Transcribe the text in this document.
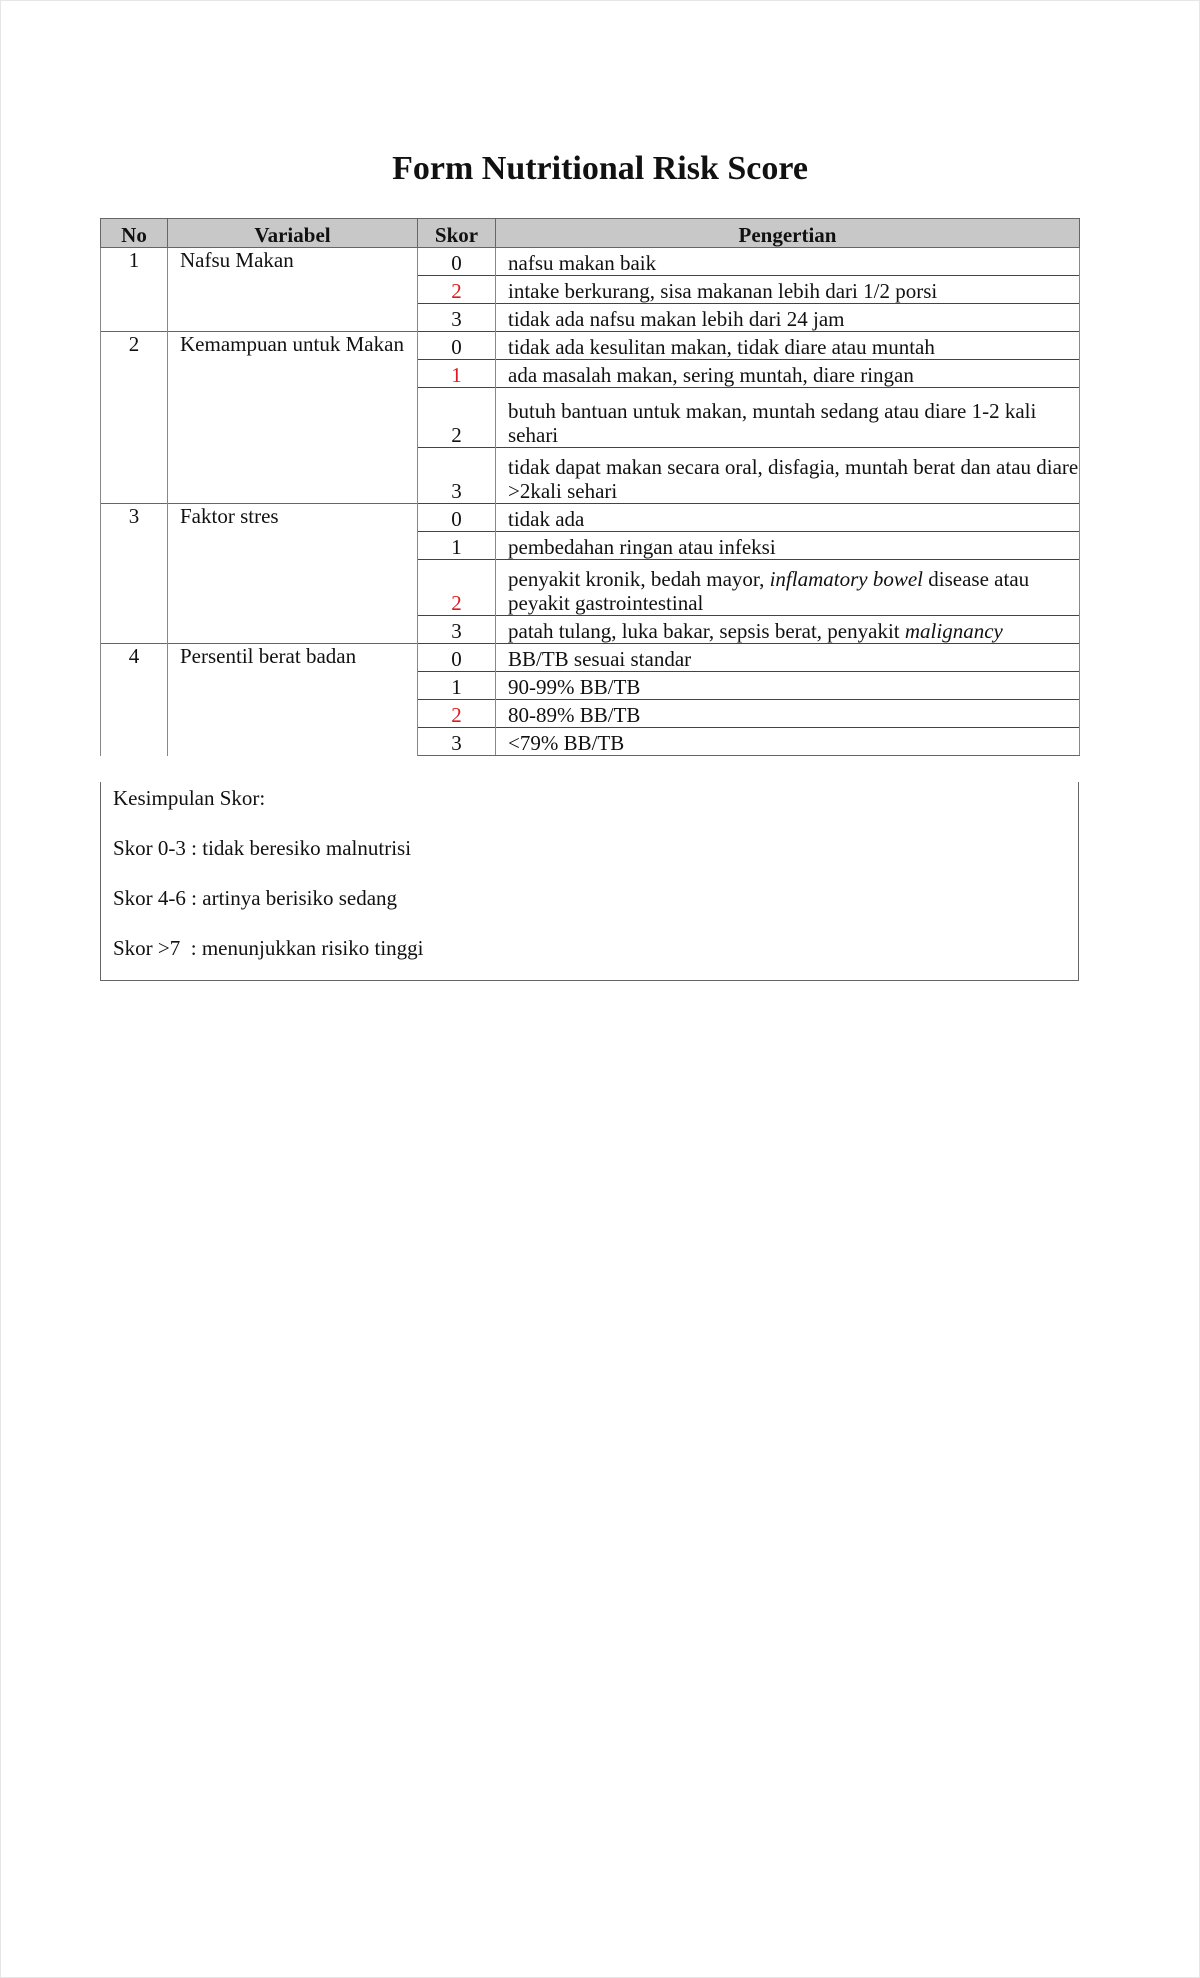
Form Nutritional Risk Score
No	Variabel	Skor	Pengertian
1	Nafsu Makan	0	nafsu makan baik
		2	intake berkurang, sisa makanan lebih dari 1/2 porsi
		3	tidak ada nafsu makan lebih dari 24 jam
2	Kemampuan untuk Makan	0	tidak ada kesulitan makan, tidak diare atau muntah
		1	ada masalah makan, sering muntah, diare ringan
		2	butuh bantuan untuk makan, muntah sedang atau diare 1-2 kali sehari
		3	tidak dapat makan secara oral, disfagia, muntah berat dan atau diare >2kali sehari
3	Faktor stres	0	tidak ada
		1	pembedahan ringan atau infeksi
		2	penyakit kronik, bedah mayor, inflamatory bowel disease atau peyakit gastrointestinal
		3	patah tulang, luka bakar, sepsis berat, penyakit malignancy
4	Persentil berat badan	0	BB/TB sesuai standar
		1	90-99% BB/TB
		2	80-89% BB/TB
		3	<79% BB/TB
Kesimpulan Skor:
Skor 0-3 : tidak beresiko malnutrisi
Skor 4-6 : artinya berisiko sedang
Skor >7  : menunjukkan risiko tinggi
